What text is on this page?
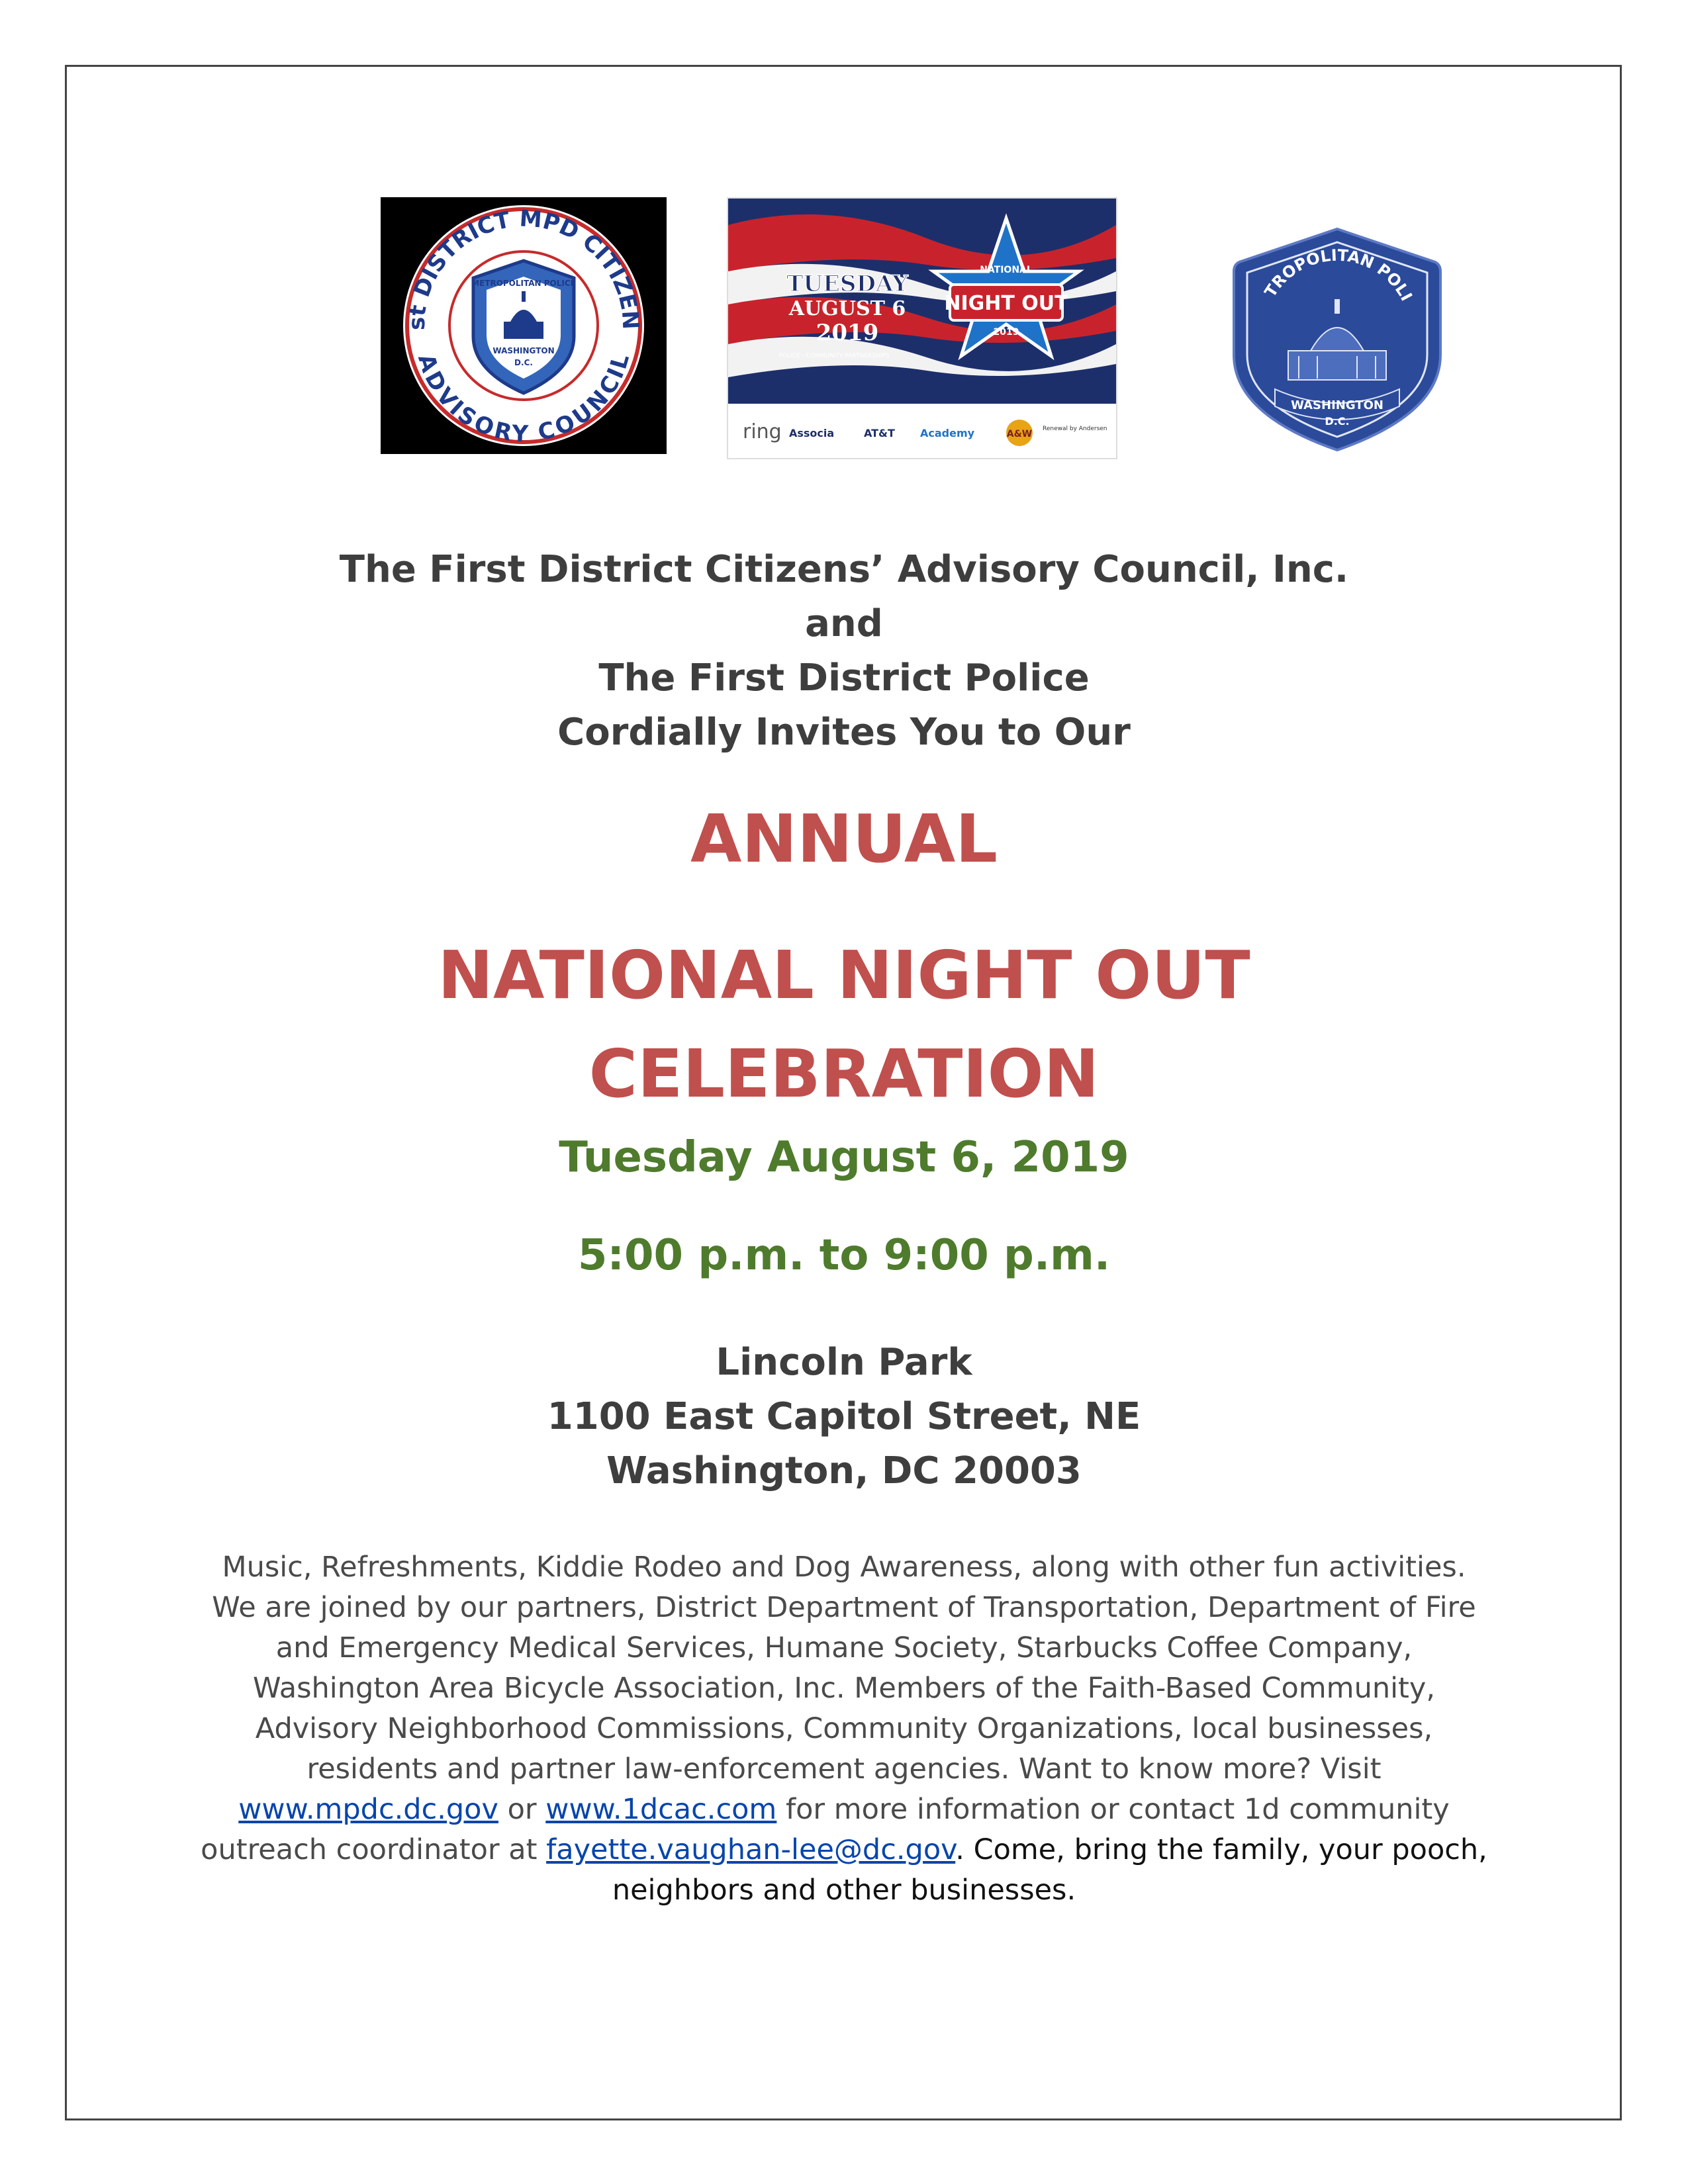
st DISTRICT MPD CITIZEN
ADVISORY COUNCIL
METROPOLITAN POLICE
WASHINGTON
D.C.
TUESDAY
AUGUST 6
2019
POLICE - COMMUNITY PARTNERSHIPS
NATIONAL
NIGHT OUT
2019
ring Associa	AT&T Academy	A&W Renewal by Andersen
TROPOLITAN POLI
WASHINGTON
D.C.
The First District Citizens’ Advisory Council, Inc.
and
The First District Police
Cordially Invites You to Our
ANNUAL
NATIONAL NIGHT OUT
CELEBRATION
Tuesday August 6, 2019
5:00 p.m. to 9:00 p.m.
Lincoln Park
1100 East Capitol Street, NE
Washington, DC 20003
Music, Refreshments, Kiddie Rodeo and Dog Awareness, along with other fun activities. We are joined by our partners, District Department of Transportation, Department of Fire and Emergency Medical Services, Humane Society, Starbucks Coffee Company, Washington Area Bicycle Association, Inc. Members of the Faith-Based Community, Advisory Neighborhood Commissions, Community Organizations, local businesses, residents and partner law-enforcement agencies. Want to know more? Visit www.mpdc.dc.gov or www.1dcac.com for more information or contact 1d community outreach coordinator at fayette.vaughan-lee@dc.gov. Come, bring the family, your pooch, neighbors and other businesses.
